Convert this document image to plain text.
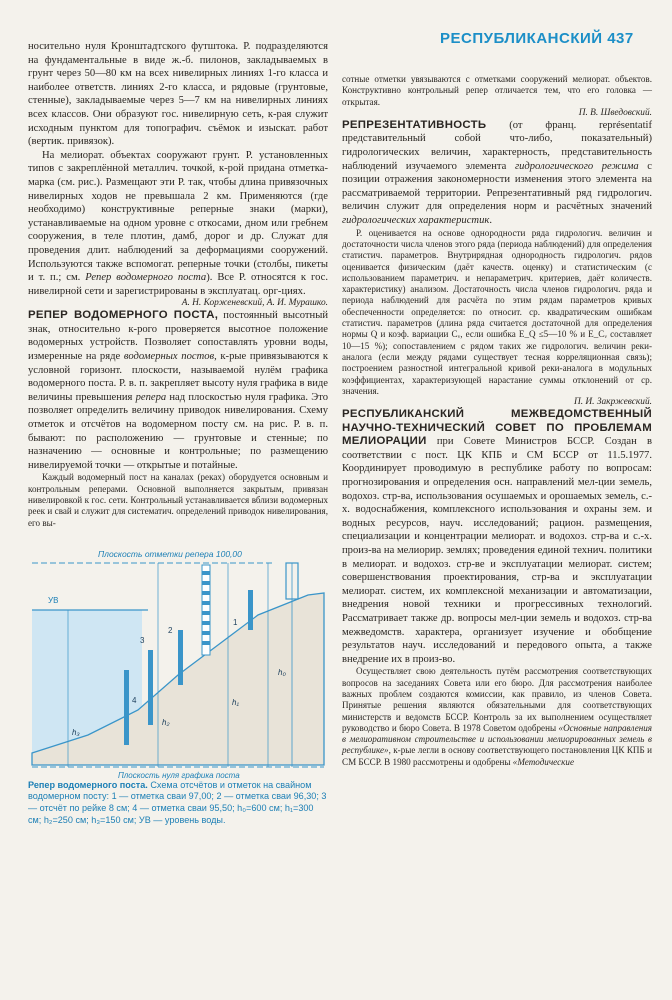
РЕСПУБЛИКАНСКИЙ 437

носительно нуля Кронштадтского футштока. Р. подразделяются на фундаментальные в виде ж.-б. пилонов, закладываемых в грунт через 50—80 км на всех нивелирных линиях 1-го класса и наиболее ответств. линиях 2-го класса, и рядовые (грунтовые, стенные), закладываемые через 5—7 км на нивелирных линиях всех классов. Они образуют гос. нивелирную сеть, к-рая служит исходным пунктом для топографич. съёмок и изыскат. работ (вертик. привязок).

На мелиорат. объектах сооружают грунт. Р. установленных типов с закреплённой металлич. точкой, к-рой придана отметка-марка (см. рис.). Размещают эти Р. так, чтобы длина привязочных нивелирных ходов не превышала 2 км. Применяются (где необходимо) конструктивные реперные знаки (марки), устанавливаемые на одном уровне с откосами, дном или гребнем сооружения, в теле плотин, дамб, дорог и др. Служат для проведения длит. наблюдений за деформациями сооружений. Используются также вспомогат. реперные точки (столбы, пикеты и т. п.; см. Репер водомерного поста). Все Р. относятся к гос. нивелирной сети и зарегистрированы в эксплуатац. орг-циях.

А. Н. Корженевский, А. И. Мурашко.

РЕПЕР ВОДОМЕРНОГО ПОСТА, постоянный высотный знак, относительно к-рого проверяется высотное положение водомерных устройств. Позволяет сопоставлять уровни воды, измеренные на ряде водомерных постов, к-рые привязываются к условной горизонт. плоскости, называемой нулём графика водомерного поста. Р. в. п. закрепляет высоту нуля графика в виде величины превышения репера над плоскостью нуля графика. Это позволяет определить величину приводок нивелирования. Схему отметок и отсчётов на водомерном посту см. на рис. Р. в. п. бывают: по расположению — грунтовые и стенные; по назначению — основные и контрольные; по размещению нивелируемой точки — открытые и потайные.

Каждый водомерный пост на каналах (реках) оборудуется основным и контрольным реперами. Основной выполняется закрытым, привязан нивелировкой к гос. сети. Контрольный устанавливается вблизи водомерных реек и свай и служит для систематич. определений приводок нивелирования, его вы-

Плоскость отметки репера 100,00
УВ
3
2
1
4
h₀
h₁
h₂
h₃
Плоскость нуля графика поста

Репер водомерного поста. Схема отсчётов и отметок на свайном водомерном посту: 1 — отметка сваи 97,00; 2 — отметка сваи 96,30; 3 — отсчёт по рейке 8 см; 4 — отметка сваи 95,50; h₀=600 см; h₁=300 см; h₂=250 см; h₃=150 см; УВ — уровень воды.

сотные отметки увязываются с отметками сооружений мелиорат. объектов. Конструктивно контрольный репер отличается тем, что его головка — открытая.

П. В. Шведовский.

РЕПРЕЗЕНТАТИВНОСТЬ (от франц. représentatif представительный собой что-либо, показательный) гидрологических величин, характерность, представительность наблюдений изучаемого элемента гидрологического режима с позиции отражения закономерности изменения этого элемента на рассматриваемой территории. Репрезентативный ряд гидрологич. величин служит для определения норм и расчётных значений гидрологических характеристик.

Р. оценивается на основе однородности ряда гидрологич. величин и достаточности числа членов этого ряда (периода наблюдений) для определения статистич. параметров. Внутрирядная однородность гидрологич. рядов оценивается физическим (даёт качеств. оценку) и статистическим (с использованием параметрич. и непараметрич. критериев, даёт количеств. характеристику) анализом. Достаточность числа членов гидрологич. ряда и периода наблюдений для расчёта по этим рядам параметров кривых обеспеченности определяется: по относит. ср. квадратическим ошибкам статистич. параметров (длина ряда считается достаточной для определения нормы Q и коэф. вариации Cᵥ, если ошибка E_Q ≤5—10 % и E_Cᵥ составляет 10—15 %); сопоставлением с рядом таких же гидрологич. величин реки-аналога (если между рядами существует тесная корреляционная связь); построением разностной интегральной кривой реки-аналога в модульных коэффициентах, характеризующей нарастание суммы отклонений от ср. значения.

П. И. Закржевский.

РЕСПУБЛИКАНСКИЙ МЕЖВЕДОМСТВЕННЫЙ НАУЧНО-ТЕХНИЧЕСКИЙ СОВЕТ ПО ПРОБЛЕМАМ МЕЛИОРАЦИИ при Совете Министров БССР. Создан в соответствии с пост. ЦК КПБ и СМ БССР от 11.5.1977. Координирует проводимую в республике работу по вопросам: прогнозирования и определения осн. направлений мел-ции земель, водохоз. стр-ва, использования осушаемых и орошаемых земель, с.-х. водоснабжения, комплексного использования и охраны зем. и водных ресурсов, науч. исследований; рацион. размещения, специализации и концентрации мелиорат. и водохоз. стр-ва и с.-х. произ-ва на мелиорир. землях; проведения единой технич. политики в мелиорат. и водохоз. стр-ве и эксплуатации мелиорат. систем; совершенствования проектирования, стр-ва и эксплуатации мелиорат. систем, их комплексной механизации и автоматизации, внедрения новой техники и прогрессивных технологий. Рассматривает также др. вопросы мел-ции земель и водохоз. стр-ва межведомств. характера, организует изучение и обобщение результатов науч. исследований и передового опыта, а также внедрение их в произ-во.

Осуществляет свою деятельность путём рассмотрения соответствующих вопросов на заседаниях Совета или его бюро. Для рассмотрения наиболее важных проблем создаются комиссии, как правило, из членов Совета. Принятые решения являются обязательными для соответствующих министерств и ведомств БССР. Контроль за их выполнением осуществляет руководство и бюро Совета. В 1978 Советом одобрены «Основные направления в мелиоративном строительстве и использовании мелиорированных земель в республике», к-рые легли в основу соответствующего постановления ЦК КПБ и СМ БССР. В 1980 рассмотрены и одобрены «Методические
